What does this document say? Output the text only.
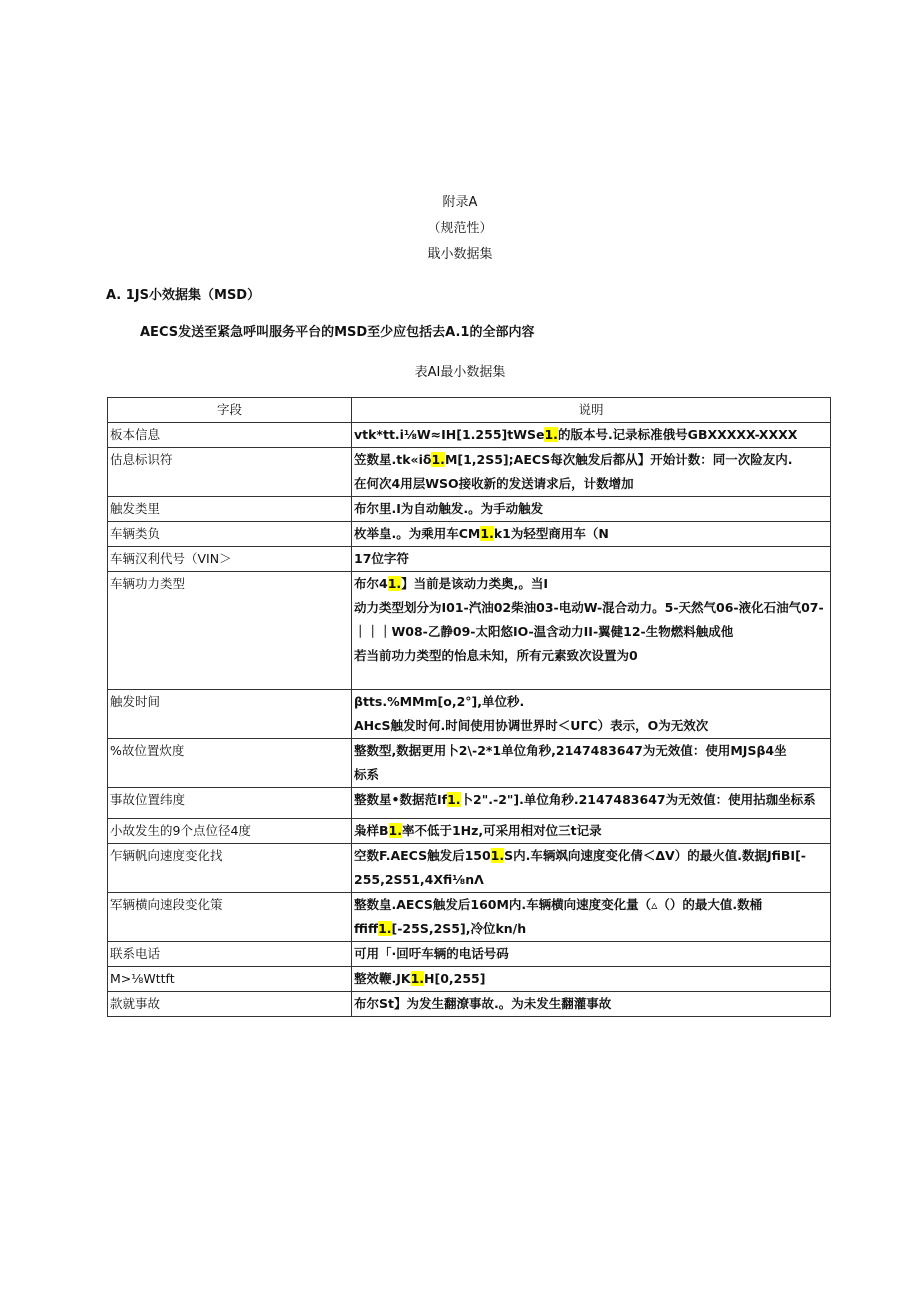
附录A
（规范性）
戢小数据集
A. 1JS小效据集（MSD）
AECS发送至紧急呼叫服务平台的MSD至少应包括去A.1的全部内容
表AI最小数据集
字段	说明
板本信息	vtk*tt.i⅛W≈IH[1.255]tWSe1.的版本号.记录标准俄号GBXXXXX-XXXX

估息标识符	笠数星.tk«iδ1.M[1,2S5];AECS每次触发后都从】开始计数：同一次险友内.
在何次4用层WSO接收新的发送请求后，计数增加

触发类里	布尔里.I为自动触发.。为手动触发

车辆类负	枚举皇.。为乘用车CM1.k1为轻型商用车（N

车辆汉利代号（VIN＞	17位字符

车辆功力类型	布尔41.】当前是该动力类奥,。当I
动力类型划分为I01-汽油02柴油03-电动W-混合动力。5-天然气06-液化石油气07-
｜｜｜W08-乙静09-太阳悠IO-温含动力II-翼健12-生物燃料触成他
若当前功力类型的怡息未知，所有元素致次设置为0

触发时间	βtts.%MMm[o,2°],单位秒.
AHcS触发时何.时间使用协调世界时＜UΓC）表示，O为无效次

%故位置炊度	整数型,数据更用卜2\-2*1单位角秒,2147483647为无效值：使用MJSβ4坐
标系

事故位置纬度	整数星•数据范If1.卜2".-2"].单位角秒.2147483647为无效值：使用拈珈坐标系

小故发生的9个点位径4度	枭样B1.率不低于1Hz,可采用相对位三t记录

乍辆帆向速度变化找	空数F.AECS触发后1501.S内.车辆飒向速度变化倩＜ΔV）的最火值.数据JfiBI[-
255,2S51,4Xfi⅛nΛ

军辆横向速段变化策	整数皇.AECS触发后160M内.车辆横向速度变化量（▵（）的最大值.数桶
ffiff1.[-25S,2S5],冷位kn/h

联系电话	可用「·回吁车辆的电话号码

M>⅛Wttft	整效鞭.JK1.H[0,255]

款就事故	布尔St】为发生翻潦事故.。为未发生翻灌事故
